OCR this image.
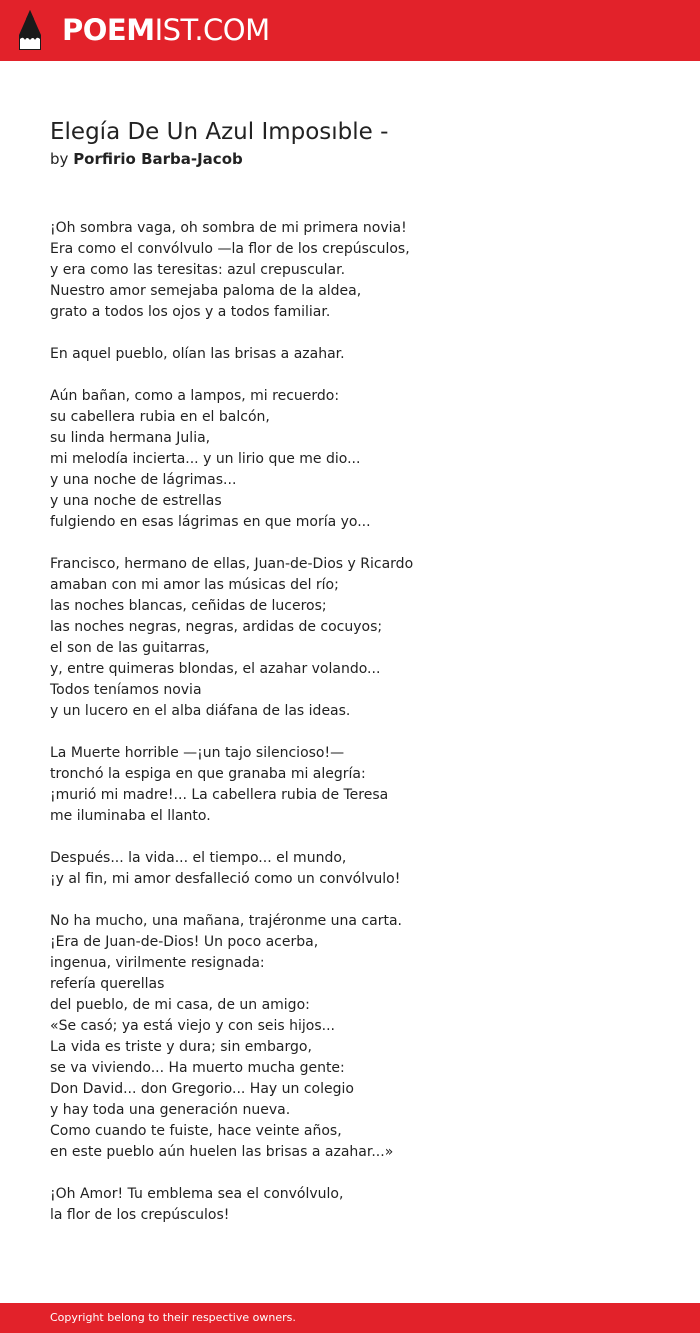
POEMIST.COM
Elegía De Un Azul Imposıble -
by Porfirio Barba-Jacob
¡Oh sombra vaga, oh sombra de mi primera novia!
Era como el convólvulo —la flor de los crepúsculos,
y era como las teresitas: azul crepuscular.
Nuestro amor semejaba paloma de la aldea,
grato a todos los ojos y a todos familiar.
En aquel pueblo, olían las brisas a azahar.
Aún bañan, como a lampos, mi recuerdo:
su cabellera rubia en el balcón,
su linda hermana Julia,
mi melodía incierta... y un lirio que me dio...
y una noche de lágrimas...
y una noche de estrellas
fulgiendo en esas lágrimas en que moría yo...
Francisco, hermano de ellas, Juan-de-Dios y Ricardo
amaban con mi amor las músicas del río;
las noches blancas, ceñidas de luceros;
las noches negras, negras, ardidas de cocuyos;
el son de las guitarras,
y, entre quimeras blondas, el azahar volando...
Todos teníamos novia
y un lucero en el alba diáfana de las ideas.
La Muerte horrible —¡un tajo silencioso!—
tronchó la espiga en que granaba mi alegría:
¡murió mi madre!... La cabellera rubia de Teresa
me iluminaba el llanto.
Después... la vida... el tiempo... el mundo,
¡y al fin, mi amor desfalleció como un convólvulo!
No ha mucho, una mañana, trajéronme una carta.
¡Era de Juan-de-Dios! Un poco acerba,
ingenua, virilmente resignada:
refería querellas
del pueblo, de mi casa, de un amigo:
«Se casó; ya está viejo y con seis hijos...
La vida es triste y dura; sin embargo,
se va viviendo... Ha muerto mucha gente:
Don David... don Gregorio... Hay un colegio
y hay toda una generación nueva.
Como cuando te fuiste, hace veinte años,
en este pueblo aún huelen las brisas a azahar...»
¡Oh Amor! Tu emblema sea el convólvulo,
la flor de los crepúsculos!
Copyright belong to their respective owners.
